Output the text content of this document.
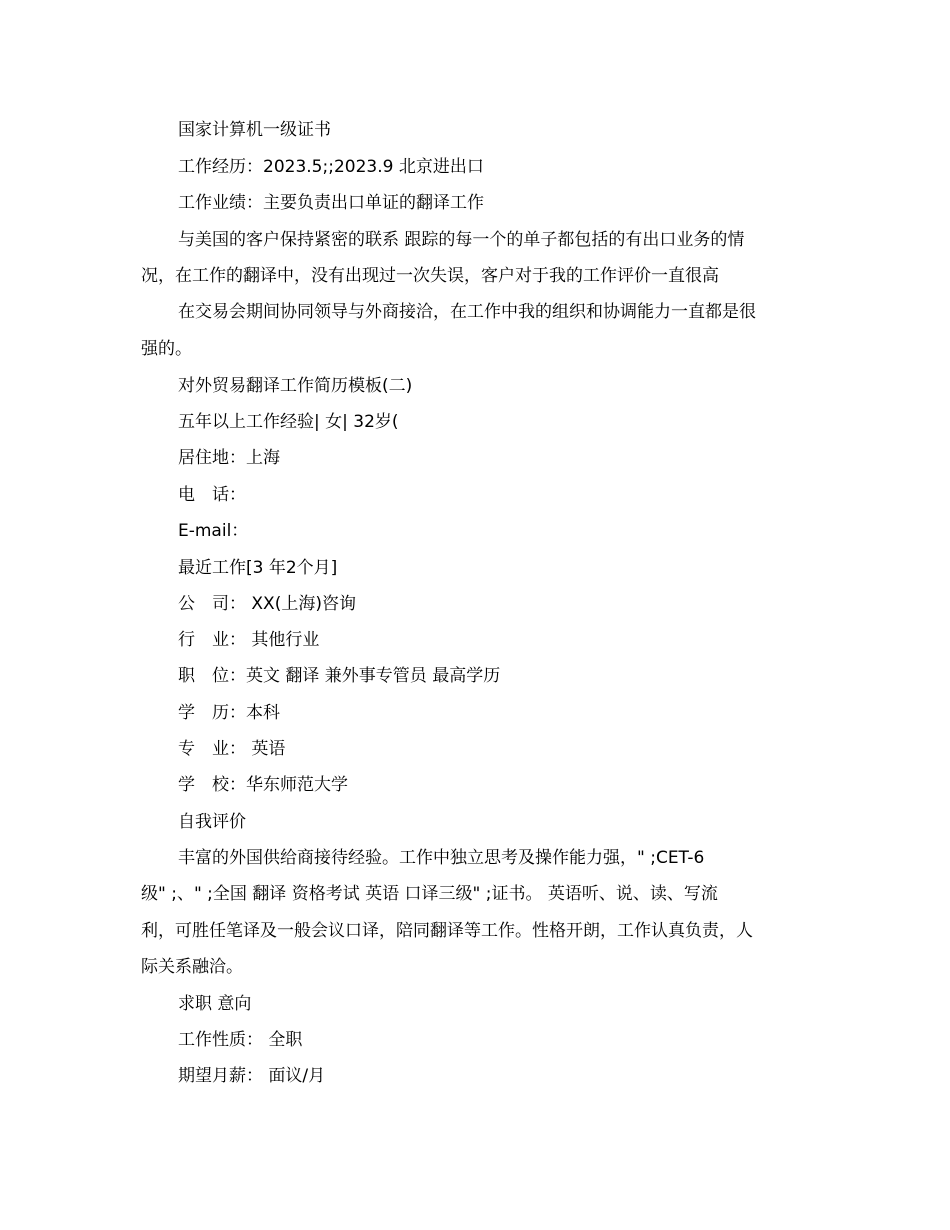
国家计算机一级证书
工作经历：2023.5;;2023.9 北京进出口
工作业绩：主要负责出口单证的翻译工作
与美国的客户保持紧密的联系 跟踪的每一个的单子都包括的有出口业务的情
况，在工作的翻译中，没有出现过一次失误，客户对于我的工作评价一直很高
在交易会期间协同领导与外商接洽，在工作中我的组织和协调能力一直都是很
强的。
对外贸易翻译工作简历模板(二)
五年以上工作经验| 女| 32岁(
居住地：上海
电　话：
E-mail：
最近工作[3 年2个月]
公　司： XX(上海)咨询
行　业： 其他行业
职　位：英文 翻译 兼外事专管员 最高学历
学　历：本科
专　业： 英语
学　校：华东师范大学
自我评价
丰富的外国供给商接待经验。工作中独立思考及操作能力强，" ;CET-6
级" ;、" ;全国 翻译 资格考试 英语 口译三级" ;证书。 英语听、说、读、写流
利，可胜任笔译及一般会议口译，陪同翻译等工作。性格开朗，工作认真负责，人
际关系融洽。
求职 意向
工作性质： 全职
期望月薪： 面议/月
